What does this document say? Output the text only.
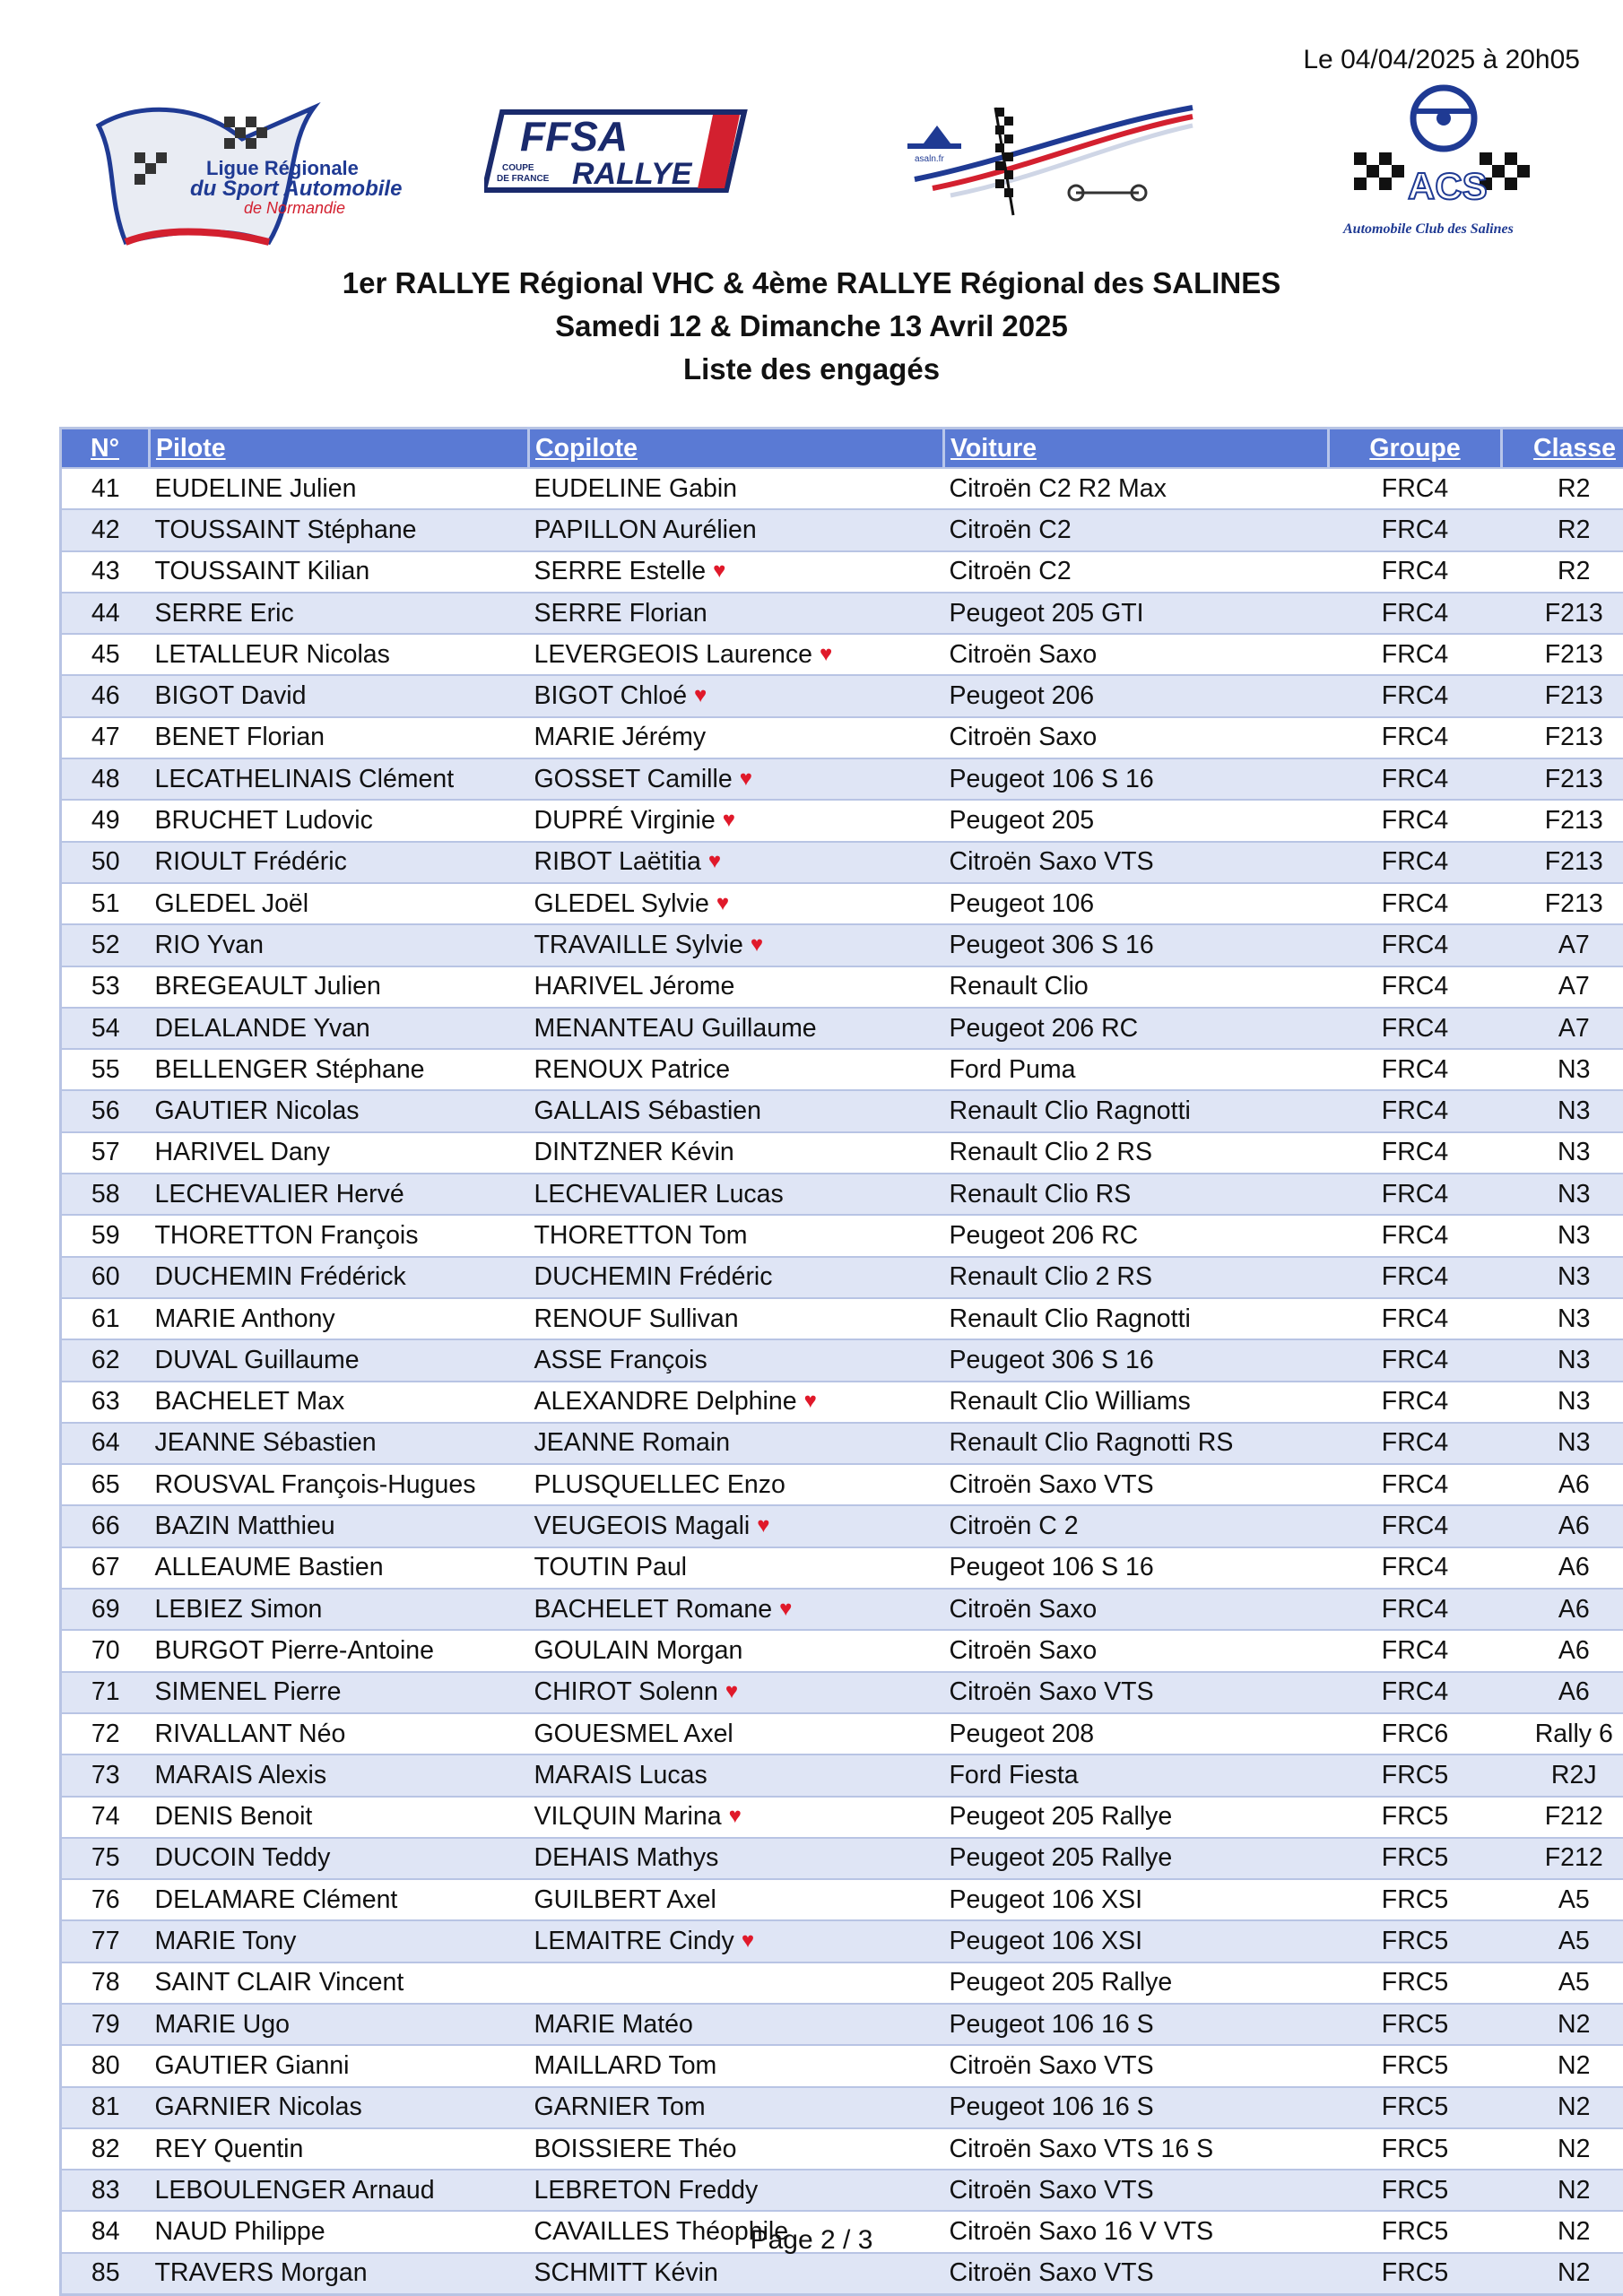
Le 04/04/2025 à 20h05
Ligue Régionale
du Sport Automobile
de Normandie
FFSA
COUPE
DE FRANCE RALLYE	asaln.fr
ACS
Automobile Club des Salines
1er RALLYE Régional VHC & 4ème RALLYE Régional des SALINES
Samedi 12 & Dimanche 13 Avril 2025
Liste des engagés
N°	Pilote	Copilote	Voiture	Groupe	Classe
41	EUDELINE Julien	EUDELINE Gabin	Citroën C2 R2 Max	FRC4	R2
42	TOUSSAINT Stéphane	PAPILLON Aurélien	Citroën C2	FRC4	R2
43	TOUSSAINT Kilian	SERRE Estelle ♥	Citroën C2	FRC4	R2
44	SERRE Eric	SERRE Florian	Peugeot 205 GTI	FRC4	F213
45	LETALLEUR Nicolas	LEVERGEOIS Laurence ♥	Citroën Saxo	FRC4	F213
46	BIGOT David	BIGOT Chloé ♥	Peugeot 206	FRC4	F213
47	BENET Florian	MARIE Jérémy	Citroën Saxo	FRC4	F213
48	LECATHELINAIS Clément	GOSSET Camille ♥	Peugeot 106 S 16	FRC4	F213
49	BRUCHET Ludovic	DUPRÉ Virginie ♥	Peugeot 205	FRC4	F213
50	RIOULT Frédéric	RIBOT Laëtitia ♥	Citroën Saxo VTS	FRC4	F213
51	GLEDEL Joël	GLEDEL Sylvie ♥	Peugeot 106	FRC4	F213
52	RIO Yvan	TRAVAILLE Sylvie ♥	Peugeot 306 S 16	FRC4	A7
53	BREGEAULT Julien	HARIVEL Jérome	Renault Clio	FRC4	A7
54	DELALANDE Yvan	MENANTEAU Guillaume	Peugeot 206 RC	FRC4	A7
55	BELLENGER Stéphane	RENOUX Patrice	Ford Puma	FRC4	N3
56	GAUTIER Nicolas	GALLAIS Sébastien	Renault Clio Ragnotti	FRC4	N3
57	HARIVEL Dany	DINTZNER Kévin	Renault Clio 2 RS	FRC4	N3
58	LECHEVALIER Hervé	LECHEVALIER Lucas	Renault Clio RS	FRC4	N3
59	THORETTON François	THORETTON Tom	Peugeot 206 RC	FRC4	N3
60	DUCHEMIN Frédérick	DUCHEMIN Frédéric	Renault Clio 2 RS	FRC4	N3
61	MARIE Anthony	RENOUF Sullivan	Renault Clio Ragnotti	FRC4	N3
62	DUVAL Guillaume	ASSE François	Peugeot 306 S 16	FRC4	N3
63	BACHELET Max	ALEXANDRE Delphine ♥	Renault Clio Williams	FRC4	N3
64	JEANNE Sébastien	JEANNE Romain	Renault Clio Ragnotti RS	FRC4	N3
65	ROUSVAL François-Hugues	PLUSQUELLEC Enzo	Citroën Saxo VTS	FRC4	A6
66	BAZIN Matthieu	VEUGEOIS Magali ♥	Citroën C 2	FRC4	A6
67	ALLEAUME Bastien	TOUTIN Paul	Peugeot 106 S 16	FRC4	A6
69	LEBIEZ Simon	BACHELET Romane ♥	Citroën Saxo	FRC4	A6
70	BURGOT Pierre-Antoine	GOULAIN Morgan	Citroën Saxo	FRC4	A6
71	SIMENEL Pierre	CHIROT Solenn ♥	Citroën Saxo VTS	FRC4	A6
72	RIVALLANT Néo	GOUESMEL Axel	Peugeot 208	FRC6	Rally 6
73	MARAIS Alexis	MARAIS Lucas	Ford Fiesta	FRC5	R2J
74	DENIS Benoit	VILQUIN Marina ♥	Peugeot 205 Rallye	FRC5	F212
75	DUCOIN Teddy	DEHAIS Mathys	Peugeot 205 Rallye	FRC5	F212
76	DELAMARE Clément	GUILBERT Axel	Peugeot 106 XSI	FRC5	A5
77	MARIE Tony	LEMAITRE Cindy ♥	Peugeot 106 XSI	FRC5	A5
78	SAINT CLAIR Vincent		Peugeot 205 Rallye	FRC5	A5
79	MARIE Ugo	MARIE Matéo	Peugeot 106 16 S	FRC5	N2
80	GAUTIER Gianni	MAILLARD Tom	Citroën Saxo VTS	FRC5	N2
81	GARNIER Nicolas	GARNIER Tom	Peugeot 106 16 S	FRC5	N2
82	REY Quentin	BOISSIERE Théo	Citroën Saxo VTS 16 S	FRC5	N2
83	LEBOULENGER Arnaud	LEBRETON Freddy	Citroën Saxo VTS	FRC5	N2
84	NAUD Philippe	CAVAILLES Théophile	Citroën Saxo 16 V VTS	FRC5	N2
85	TRAVERS Morgan	SCHMITT Kévin	Citroën Saxo VTS	FRC5	N2
Page 2 / 3
